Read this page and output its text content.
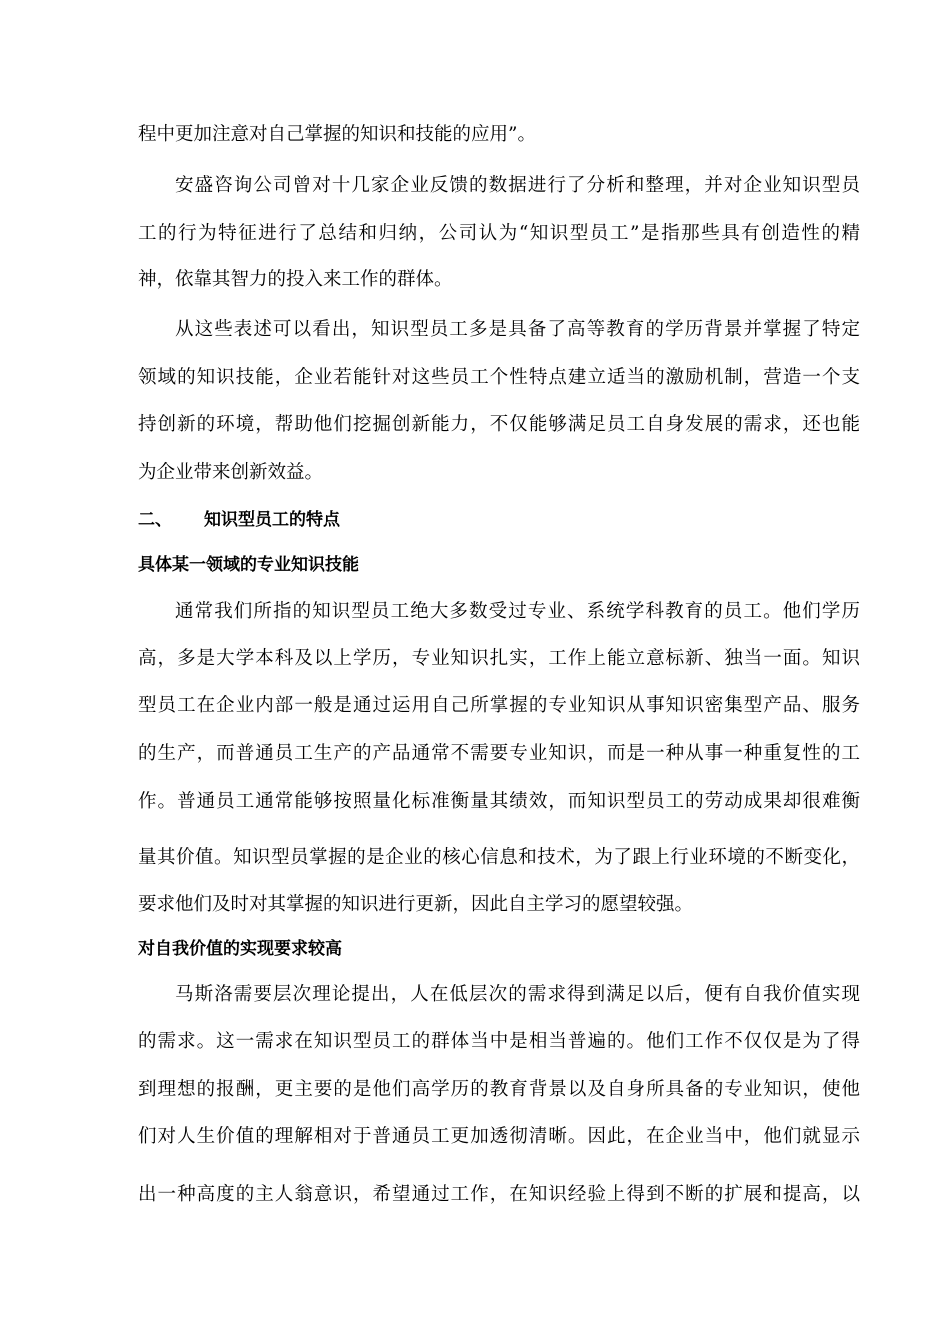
程中更加注意对自己掌握的知识和技能的应用”。
安盛咨询公司曾对十几家企业反馈的数据进行了分析和整理，并对企业知识型员
工的行为特征进行了总结和归纳，公司认为“知识型员工”是指那些具有创造性的精
神，依靠其智力的投入来工作的群体。
从这些表述可以看出，知识型员工多是具备了高等教育的学历背景并掌握了特定
领域的知识技能，企业若能针对这些员工个性特点建立适当的激励机制，营造一个支
持创新的环境，帮助他们挖掘创新能力，不仅能够满足员工自身发展的需求，还也能
为企业带来创新效益。
二、 知识型员工的特点
具体某一领域的专业知识技能
通常我们所指的知识型员工绝大多数受过专业、系统学科教育的员工。他们学历
高，多是大学本科及以上学历，专业知识扎实，工作上能立意标新、独当一面。知识
型员工在企业内部一般是通过运用自己所掌握的专业知识从事知识密集型产品、服务
的生产，而普通员工生产的产品通常不需要专业知识，而是一种从事一种重复性的工
作。普通员工通常能够按照量化标准衡量其绩效，而知识型员工的劳动成果却很难衡
量其价值。知识型员掌握的是企业的核心信息和技术，为了跟上行业环境的不断变化，
要求他们及时对其掌握的知识进行更新，因此自主学习的愿望较强。
对自我价值的实现要求较高
马斯洛需要层次理论提出，人在低层次的需求得到满足以后，便有自我价值实现
的需求。这一需求在知识型员工的群体当中是相当普遍的。他们工作不仅仅是为了得
到理想的报酬，更主要的是他们高学历的教育背景以及自身所具备的专业知识，使他
们对人生价值的理解相对于普通员工更加透彻清晰。因此，在企业当中，他们就显示
出一种高度的主人翁意识，希望通过工作，在知识经验上得到不断的扩展和提高，以
